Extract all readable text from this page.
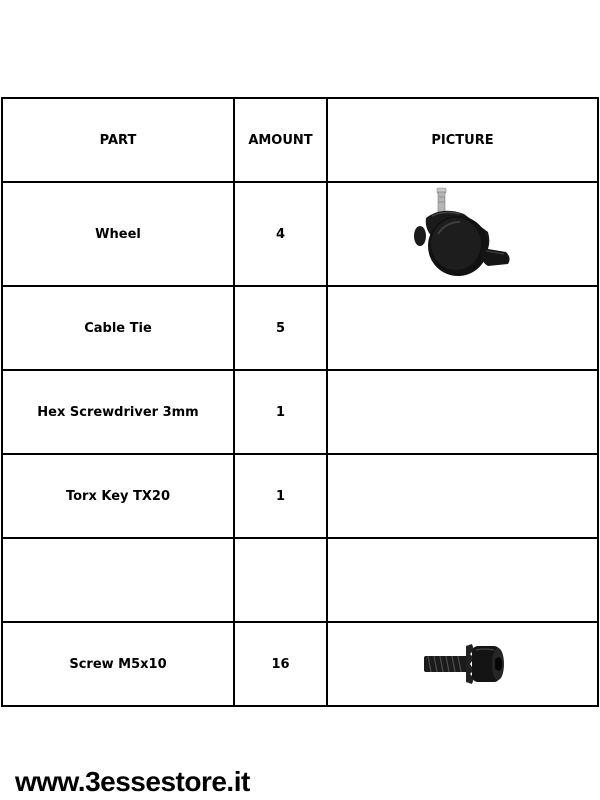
PART	AMOUNT	PICTURE
Wheel	4	

Cable Tie	5	
Hex Screwdriver 3mm	1	
Torx Key TX20	1	

Screw M5x10	16	
www.3essestore.it
